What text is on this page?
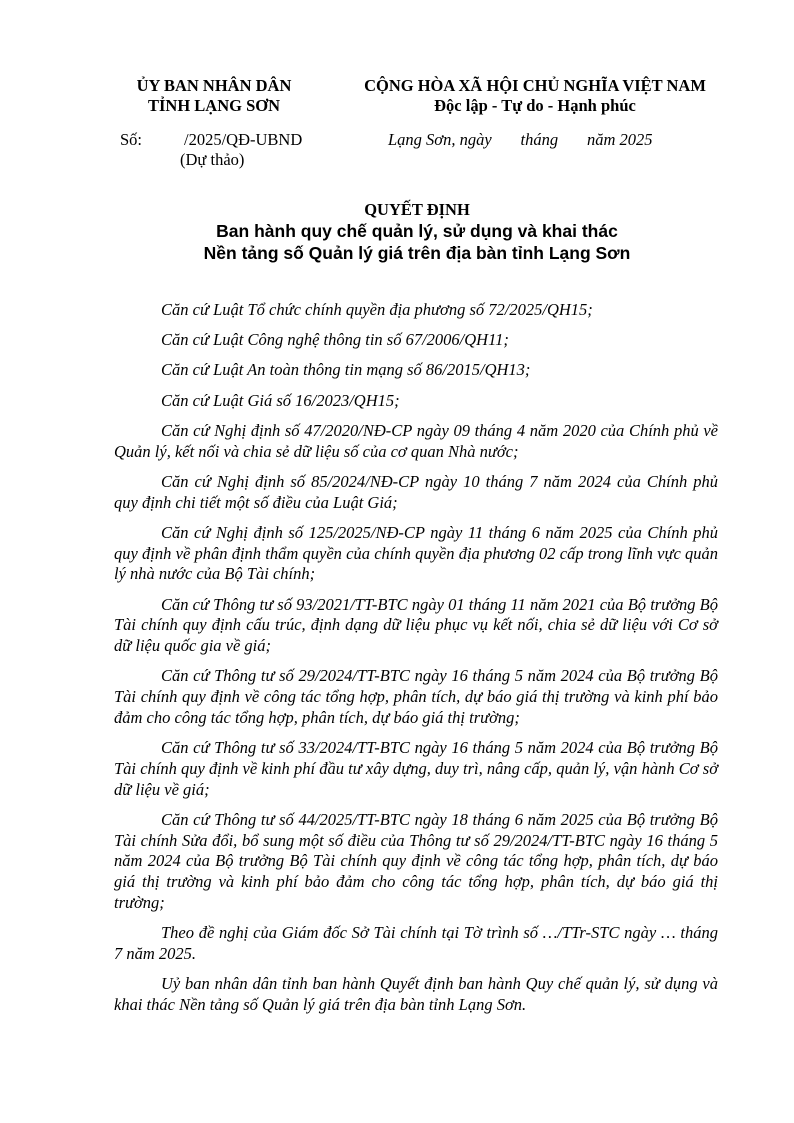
ỦY BAN NHÂN DÂN
TỈNH LẠNG SƠN
CỘNG HÒA XÃ HỘI CHỦ NGHĨA VIỆT NAM
Độc lập - Tự do - Hạnh phúc
Số:	/2025/QĐ-UBND
(Dự thảo)
Lạng Sơn, ngày       tháng       năm 2025
QUYẾT ĐỊNH
Ban hành quy chế quản lý, sử dụng và khai thác
Nền tảng số Quản lý giá trên địa bàn tỉnh Lạng Sơn

Căn cứ Luật Tổ chức chính quyền địa phương số 72/2025/QH15;

Căn cứ Luật Công nghệ thông tin số 67/2006/QH11;

Căn cứ Luật An toàn thông tin mạng số 86/2015/QH13;

Căn cứ Luật Giá số 16/2023/QH15;

Căn cứ Nghị định số 47/2020/NĐ-CP ngày 09 tháng 4 năm 2020 của Chính phủ về Quản lý, kết nối và chia sẻ dữ liệu số của cơ quan Nhà nước;

Căn cứ Nghị định số 85/2024/NĐ-CP ngày 10 tháng 7 năm 2024 của Chính phủ quy định chi tiết một số điều của Luật Giá;

Căn cứ Nghị định số 125/2025/NĐ-CP ngày 11 tháng 6 năm 2025 của Chính phủ quy định về phân định thẩm quyền của chính quyền địa phương 02 cấp trong lĩnh vực quản lý nhà nước của Bộ Tài chính;

Căn cứ Thông tư số 93/2021/TT-BTC ngày 01 tháng 11 năm 2021 của Bộ trưởng Bộ Tài chính quy định cấu trúc, định dạng dữ liệu phục vụ kết nối, chia sẻ dữ liệu với Cơ sở dữ liệu quốc gia về giá;

Căn cứ Thông tư số 29/2024/TT-BTC ngày 16 tháng 5 năm 2024 của Bộ trưởng Bộ Tài chính quy định về công tác tổng hợp, phân tích, dự báo giá thị trường và kinh phí bảo đảm cho công tác tổng hợp, phân tích, dự báo giá thị trường;

Căn cứ Thông tư số 33/2024/TT-BTC ngày 16 tháng 5 năm 2024 của Bộ trưởng Bộ Tài chính quy định về kinh phí đầu tư xây dựng, duy trì, nâng cấp, quản lý, vận hành Cơ sở dữ liệu về giá;

Căn cứ Thông tư số 44/2025/TT-BTC ngày 18 tháng 6 năm 2025 của Bộ trưởng Bộ Tài chính Sửa đổi, bổ sung một số điều của Thông tư số 29/2024/TT-BTC ngày 16 tháng 5 năm 2024 của Bộ trưởng Bộ Tài chính quy định về công tác tổng hợp, phân tích, dự báo giá thị trường và kinh phí bảo đảm cho công tác tổng hợp, phân tích, dự báo giá thị trường;

Theo đề nghị của Giám đốc Sở Tài chính tại Tờ trình số …/TTr-STC ngày … tháng 7 năm 2025.

Uỷ ban nhân dân tỉnh ban hành Quyết định ban hành Quy chế quản lý, sử dụng và khai thác Nền tảng số Quản lý giá trên địa bàn tỉnh Lạng Sơn.
